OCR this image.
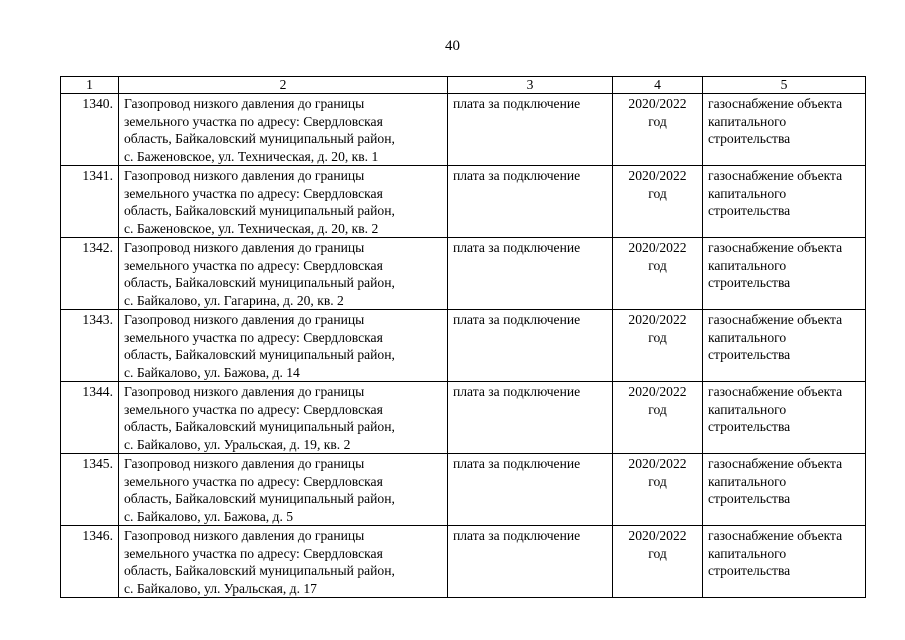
40
1	2	3	4	5
1340.	Газопровод низкого давления до границы
земельного участка по адресу: Свердловская
область, Байкаловский муниципальный район,
с. Баженовское, ул. Техническая, д. 20, кв. 1	плата за подключение	2020/2022
год	газоснабжение объекта
капитального
строительства

1341.	Газопровод низкого давления до границы
земельного участка по адресу: Свердловская
область, Байкаловский муниципальный район,
с. Баженовское, ул. Техническая, д. 20, кв. 2	плата за подключение	2020/2022
год	газоснабжение объекта
капитального
строительства

1342.	Газопровод низкого давления до границы
земельного участка по адресу: Свердловская
область, Байкаловский муниципальный район,
с. Байкалово, ул. Гагарина, д. 20, кв. 2	плата за подключение	2020/2022
год	газоснабжение объекта
капитального
строительства

1343.	Газопровод низкого давления до границы
земельного участка по адресу: Свердловская
область, Байкаловский муниципальный район,
с. Байкалово, ул. Бажова, д. 14	плата за подключение	2020/2022
год	газоснабжение объекта
капитального
строительства

1344.	Газопровод низкого давления до границы
земельного участка по адресу: Свердловская
область, Байкаловский муниципальный район,
с. Байкалово, ул. Уральская, д. 19, кв. 2	плата за подключение	2020/2022
год	газоснабжение объекта
капитального
строительства

1345.	Газопровод низкого давления до границы
земельного участка по адресу: Свердловская
область, Байкаловский муниципальный район,
с. Байкалово, ул. Бажова, д. 5	плата за подключение	2020/2022
год	газоснабжение объекта
капитального
строительства

1346.	Газопровод низкого давления до границы
земельного участка по адресу: Свердловская
область, Байкаловский муниципальный район,
с. Байкалово, ул. Уральская, д. 17	плата за подключение	2020/2022
год	газоснабжение объекта
капитального
строительства
